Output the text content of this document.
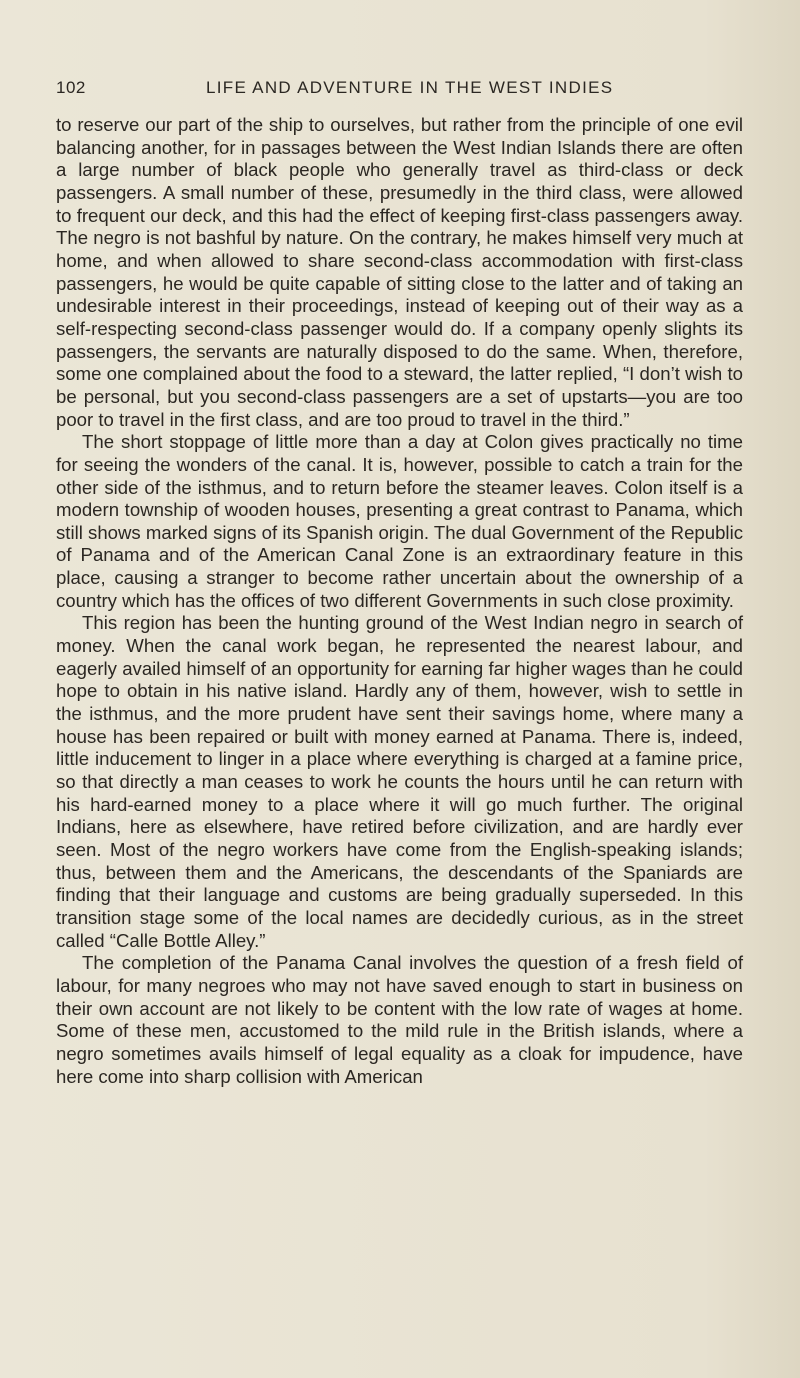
102	LIFE AND ADVENTURE IN THE WEST INDIES

to reserve our part of the ship to ourselves, but rather from the principle of one evil balancing another, for in passages between the West Indian Islands there are often a large number of black people who generally travel as third-class or deck passengers. A small number of these, presumedly in the third class, were allowed to frequent our deck, and this had the effect of keeping first-class passengers away. The negro is not bashful by nature. On the contrary, he makes himself very much at home, and when allowed to share second-class accommodation with first-class passengers, he would be quite capable of sitting close to the latter and of taking an undesirable interest in their proceedings, instead of keeping out of their way as a self-respecting second-class passenger would do. If a company openly slights its passengers, the servants are naturally disposed to do the same. When, therefore, some one complained about the food to a steward, the latter replied, “I don’t wish to be personal, but you second-class passengers are a set of upstarts—you are too poor to travel in the first class, and are too proud to travel in the third.”

The short stoppage of little more than a day at Colon gives practically no time for seeing the wonders of the canal. It is, however, possible to catch a train for the other side of the isthmus, and to return before the steamer leaves. Colon itself is a modern township of wooden houses, presenting a great contrast to Panama, which still shows marked signs of its Spanish origin. The dual Government of the Republic of Panama and of the American Canal Zone is an extraordinary feature in this place, causing a stranger to become rather uncertain about the ownership of a country which has the offices of two different Governments in such close proximity.

This region has been the hunting ground of the West Indian negro in search of money. When the canal work began, he represented the nearest labour, and eagerly availed himself of an opportunity for earning far higher wages than he could hope to obtain in his native island. Hardly any of them, however, wish to settle in the isthmus, and the more prudent have sent their savings home, where many a house has been repaired or built with money earned at Panama. There is, indeed, little inducement to linger in a place where everything is charged at a famine price, so that directly a man ceases to work he counts the hours until he can return with his hard-earned money to a place where it will go much further. The original Indians, here as elsewhere, have retired before civilization, and are hardly ever seen. Most of the negro workers have come from the English-speaking islands; thus, between them and the Americans, the descendants of the Spaniards are finding that their language and customs are being gradually superseded. In this transition stage some of the local names are decidedly curious, as in the street called “Calle Bottle Alley.”

The completion of the Panama Canal involves the question of a fresh field of labour, for many negroes who may not have saved enough to start in business on their own account are not likely to be content with the low rate of wages at home. Some of these men, accustomed to the mild rule in the British islands, where a negro sometimes avails himself of legal equality as a cloak for impudence, have here come into sharp collision with American
